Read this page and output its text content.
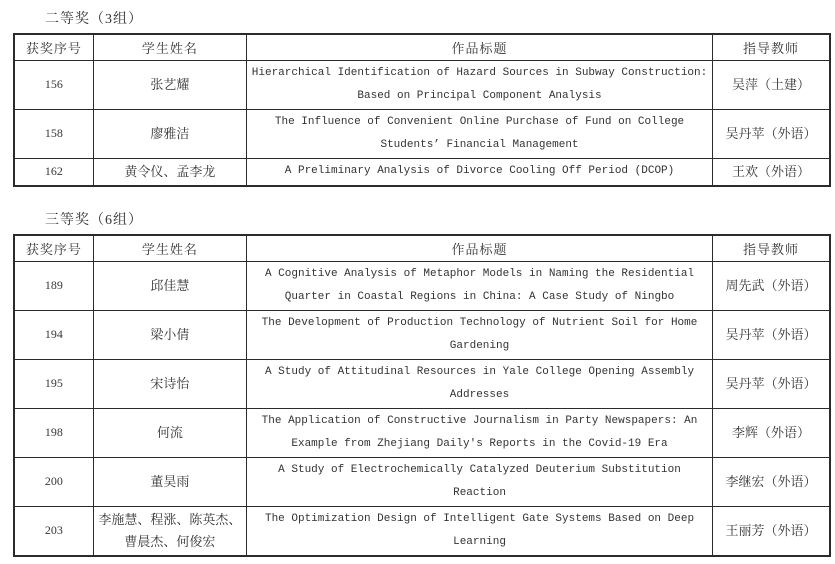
二等奖（3组）
获奖序号	学生姓名	作品标题	指导教师
156	张艺耀	Hierarchical Identification of Hazard Sources in Subway Construction: Based on Principal Component Analysis	吴萍（土建）
158	廖雅洁	The Influence of Convenient Online Purchase of Fund on College Students’ Financial Management	吴丹苹（外语）
162	黄令仪、孟李龙	A Preliminary Analysis of Divorce Cooling Off Period (DCOP)	王欢（外语）
三等奖（6组）
获奖序号	学生姓名	作品标题	指导教师
189	邱佳慧	A Cognitive Analysis of Metaphor Models in Naming the Residential Quarter in Coastal Regions in China: A Case Study of Ningbo	周先武（外语）
194	梁小倩	The Development of Production Technology of Nutrient Soil for Home Gardening	吴丹苹（外语）
195	宋诗怡	A Study of Attitudinal Resources in Yale College Opening Assembly Addresses	吴丹苹（外语）
198	何流	The Application of Constructive Journalism in Party Newspapers: An Example from Zhejiang Daily's Reports in the Covid-19 Era	李辉（外语）
200	董昊雨	A Study of Electrochemically Catalyzed Deuterium Substitution Reaction	李继宏（外语）
203	李施慧、程涨、陈英杰、曹晨杰、何俊宏	The Optimization Design of Intelligent Gate Systems Based on Deep Learning	王丽芳（外语）
